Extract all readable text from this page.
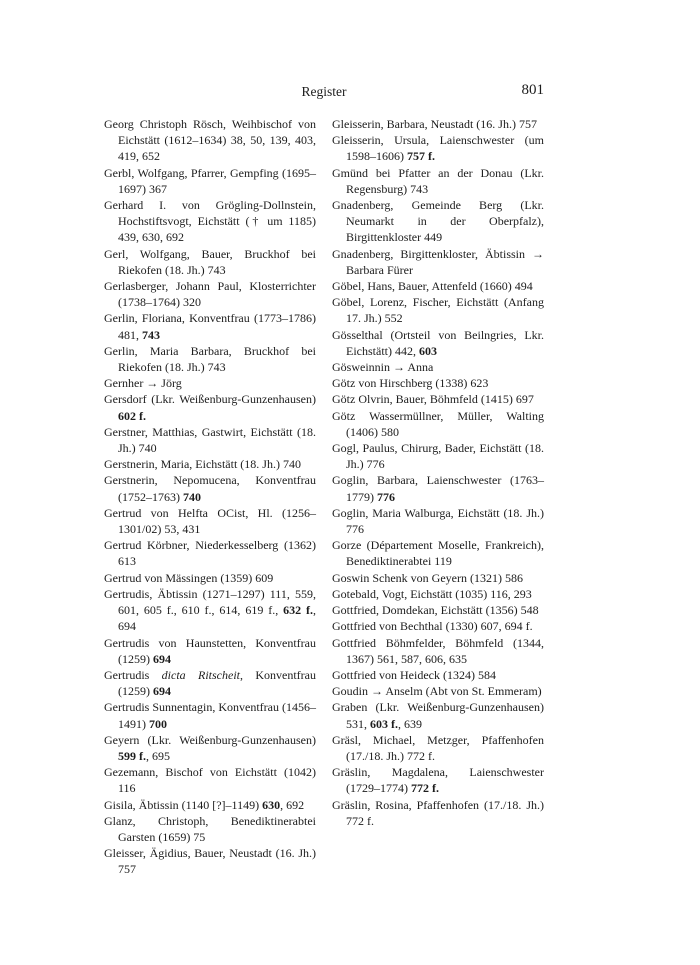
Register	801

Georg Christoph Rösch, Weihbischof von Eichstätt (1612–1634) 38, 50, 139, 403, 419, 652

Gerbl, Wolfgang, Pfarrer, Gempfing (1695–1697) 367

Gerhard I. von Grögling-Dollnstein, Hochstiftsvogt, Eichstätt († um 1185) 439, 630, 692

Gerl, Wolfgang, Bauer, Bruckhof bei Riekofen (18. Jh.) 743

Gerlasberger, Johann Paul, Klosterrichter (1738–1764) 320

Gerlin, Floriana, Konventfrau (1773–1786) 481, 743

Gerlin, Maria Barbara, Bruckhof bei Riekofen (18. Jh.) 743

Gernher → Jörg

Gersdorf (Lkr. Weißenburg-Gunzenhausen) 602 f.

Gerstner, Matthias, Gastwirt, Eichstätt (18. Jh.) 740

Gerstnerin, Maria, Eichstätt (18. Jh.) 740

Gerstnerin, Nepomucena, Konventfrau (1752–1763) 740

Gertrud von Helfta OCist, Hl. (1256–1301/02) 53, 431

Gertrud Körbner, Niederkesselberg (1362) 613

Gertrud von Mässingen (1359) 609

Gertrudis, Äbtissin (1271–1297) 111, 559, 601, 605 f., 610 f., 614, 619 f., 632 f., 694

Gertrudis von Haunstetten, Konventfrau (1259) 694

Gertrudis dicta Ritscheit, Konventfrau (1259) 694

Gertrudis Sunnentagin, Konventfrau (1456–1491) 700

Geyern (Lkr. Weißenburg-Gunzenhausen) 599 f., 695

Gezemann, Bischof von Eichstätt (1042) 116

Gisila, Äbtissin (1140 [?]–1149) 630, 692

Glanz, Christoph, Benediktinerabtei Garsten (1659) 75

Gleisser, Ägidius, Bauer, Neustadt (16. Jh.) 757

Gleisserin, Barbara, Neustadt (16. Jh.) 757

Gleisserin, Ursula, Laienschwester (um 1598–1606) 757 f.

Gmünd bei Pfatter an der Donau (Lkr. Regensburg) 743

Gnadenberg, Gemeinde Berg (Lkr. Neumarkt in der Oberpfalz), Birgittenkloster 449

Gnadenberg, Birgittenkloster, Äbtissin → Barbara Fürer

Göbel, Hans, Bauer, Attenfeld (1660) 494

Göbel, Lorenz, Fischer, Eichstätt (Anfang 17. Jh.) 552

Gösselthal (Ortsteil von Beilngries, Lkr. Eichstätt) 442, 603

Gösweinnin → Anna

Götz von Hirschberg (1338) 623

Götz Olvrin, Bauer, Böhmfeld (1415) 697

Götz Wassermüllner, Müller, Walting (1406) 580

Gogl, Paulus, Chirurg, Bader, Eichstätt (18. Jh.) 776

Goglin, Barbara, Laienschwester (1763–1779) 776

Goglin, Maria Walburga, Eichstätt (18. Jh.) 776

Gorze (Département Moselle, Frankreich), Benediktinerabtei 119

Goswin Schenk von Geyern (1321) 586

Gotebald, Vogt, Eichstätt (1035) 116, 293

Gottfried, Domdekan, Eichstätt (1356) 548

Gottfried von Bechthal (1330) 607, 694 f.

Gottfried Böhmfelder, Böhmfeld (1344, 1367) 561, 587, 606, 635

Gottfried von Heideck (1324) 584

Goudin → Anselm (Abt von St. Emmeram)

Graben (Lkr. Weißenburg-Gunzenhausen) 531, 603 f., 639

Gräsl, Michael, Metzger, Pfaffenhofen (17./18. Jh.) 772 f.

Gräslin, Magdalena, Laienschwester (1729–1774) 772 f.

Gräslin, Rosina, Pfaffenhofen (17./18. Jh.) 772 f.
